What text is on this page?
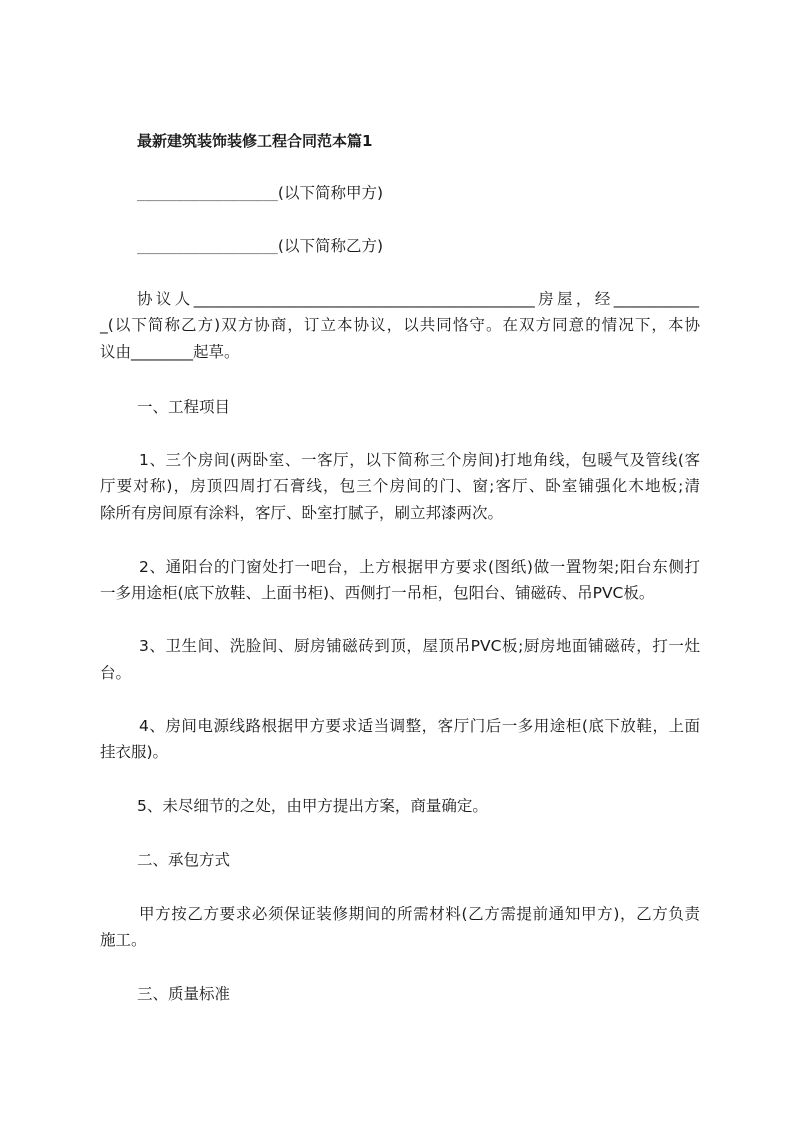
最新建筑装饰装修工程合同范本篇1
__________________(以下简称甲方)
__________________(以下简称乙方)
协议人____________________________________________房屋，经___________
_(以下简称乙方)双方协商，订立本协议，以共同恪守。在双方同意的情况下，本协
议由________起草。
一、工程项目
1、三个房间(两卧室、一客厅，以下简称三个房间)打地角线，包暖气及管线(客
厅要对称)，房顶四周打石膏线，包三个房间的门、窗;客厅、卧室铺强化木地板;清
除所有房间原有涂料，客厅、卧室打腻子，刷立邦漆两次。
2、通阳台的门窗处打一吧台，上方根据甲方要求(图纸)做一置物架;阳台东侧打
一多用途柜(底下放鞋、上面书柜)、西侧打一吊柜，包阳台、铺磁砖、吊PVC板。
3、卫生间、洗脸间、厨房铺磁砖到顶，屋顶吊PVC板;厨房地面铺磁砖，打一灶
台。
4、房间电源线路根据甲方要求适当调整，客厅门后一多用途柜(底下放鞋，上面
挂衣服)。
5、未尽细节的之处，由甲方提出方案，商量确定。
二、承包方式
甲方按乙方要求必须保证装修期间的所需材料(乙方需提前通知甲方)，乙方负责
施工。
三、质量标准
